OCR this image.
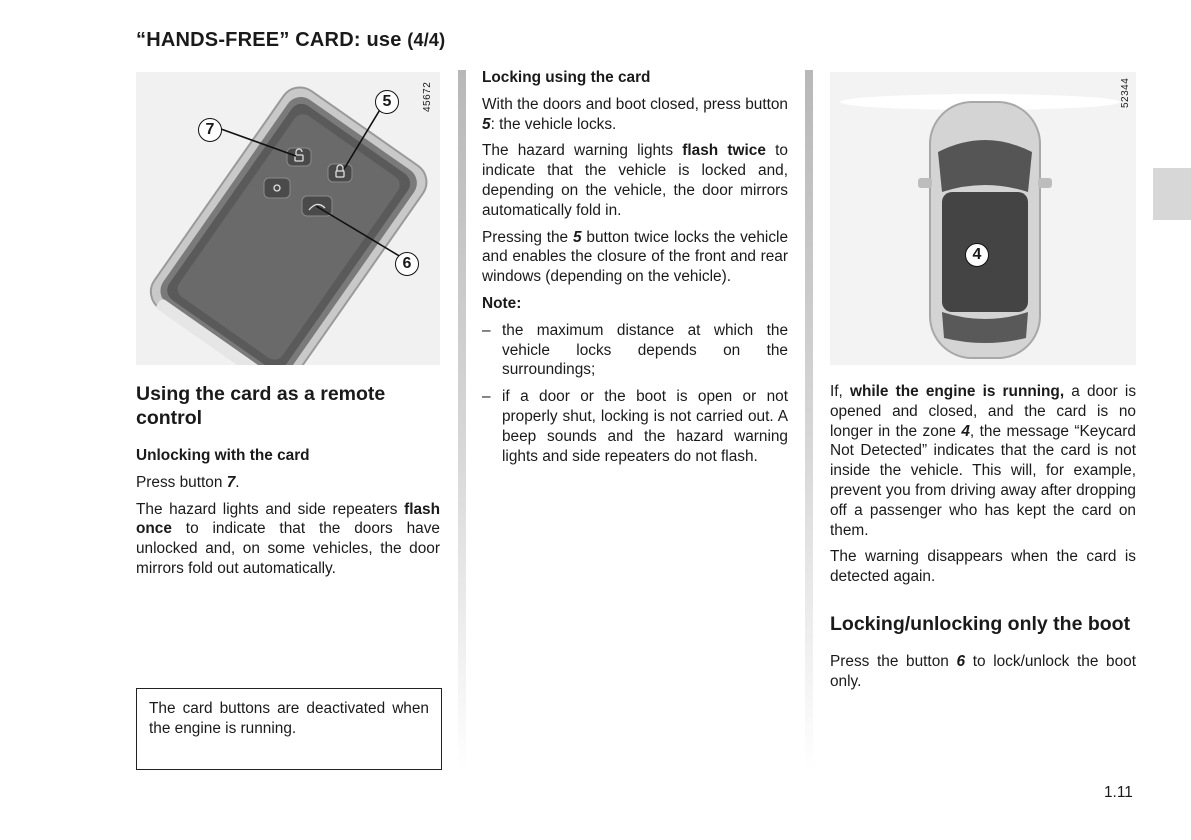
“HANDS-FREE” CARD: use (4/4)
45672
5
7
6
Using the card as a remote control
Unlocking with the card

Press button 7.

The hazard lights and side repeaters flash once to indicate that the doors have unlocked and, on some vehicles, the door mirrors fold out automatically.

The card buttons are deactivated when the engine is running.
Locking using the card

With the doors and boot closed, press button 5: the vehicle locks.

The hazard warning lights flash twice to indicate that the vehicle is locked and, depending on the vehicle, the door mirrors automatically fold in.

Pressing the 5 button twice locks the vehicle and enables the closure of the front and rear windows (depending on the vehicle).

Note:
– the maximum distance at which the vehicle locks depends on the surroundings;
– if a door or the boot is open or not properly shut, locking is not carried out. A beep sounds and the hazard warning lights and side repeaters do not flash.
52344
4

If, while the engine is running, a door is opened and closed, and the card is no longer in the zone 4, the message “Keycard Not Detected” indicates that the card is not inside the vehicle. This will, for example, prevent you from driving away after dropping off a passenger who has kept the card on them.

The warning disappears when the card is detected again.

Locking/unlocking only the boot

Press the button 6 to lock/unlock the boot only.

1.11
